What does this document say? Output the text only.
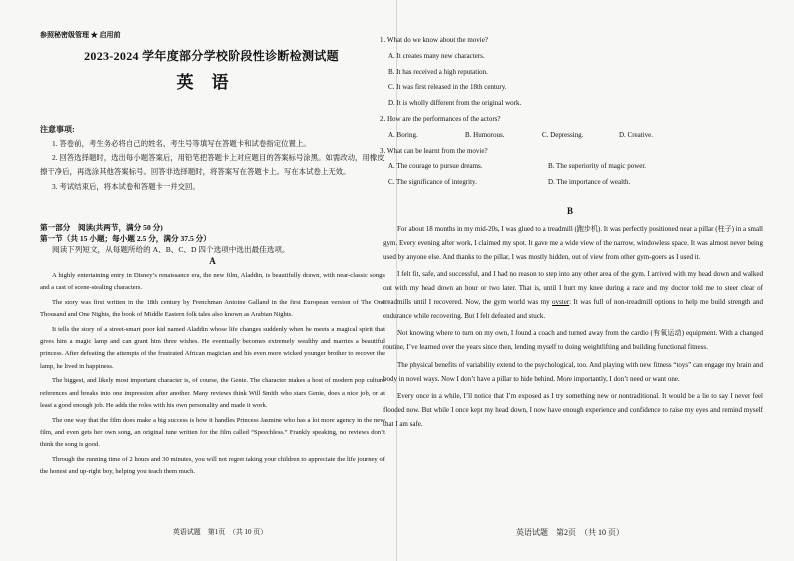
参照秘密级管理 ★ 启用前
2023-2024 学年度部分学校阶段性诊断检测试题
英语
注意事项:

1. 答卷前，考生务必将自己的姓名、考生号等填写在答题卡和试卷指定位置上。

2. 回答选择题时，选出每小题答案后，用铅笔把答题卡上对应题目的答案标号涂黑。如需改动，用橡皮擦干净后，再选涂其他答案标号。回答非选择题时，将答案写在答题卡上。写在本试卷上无效。

3. 考试结束后，将本试卷和答题卡一并交回。

第一部分　阅读(共两节，满分 50 分)
第一节（共 15 小题；每小题 2.5 分，满分 37.5 分）
阅读下列短文，从每题所给的 A、B、C、D 四个选项中选出最佳选项。
A

A highly entertaining entry in Disney’s renaissance era, the new film, Aladdin, is beautifully drawn, with near-classic songs and a cast of scene-stealing characters.

The story was first written in the 18th century by Frenchman Antoine Galland in the first European version of The One Thousand and One Nights, the book of Middle Eastern folk tales also known as Arabian Nights.

It tells the story of a street-smart poor kid named Aladdin whose life changes suddenly when he meets a magical spirit that gives him a magic lamp and can grant him three wishes. He eventually becomes extremely wealthy and marries a beautiful princess. After defeating the attempts of the frustrated African magician and his even more wicked younger brother to recover the lamp, he lived in happiness.

The biggest, and likely most important character is, of course, the Genie. The character makes a host of modern pop culture references and breaks into one impression after another. Many reviews think Will Smith who stars Genie, does a nice job, or at least a good enough job. He adds the roles with his own personality and made it work.

The one way that the film does make a big success is how it handles Princess Jasmine who has a lot more agency in the new film, and even gets her own song, an original tune written for the film called “Speechless.” Frankly speaking, no reviews don’t think the song is good.

Through the running time of 2 hours and 30 minutes, you will not regret taking your children to appreciate the life journey of the honest and up-right boy, helping you teach them much.

英语试题　第1页　（共 10 页）	英语试题　第2页　（共 10 页）
1. What do we know about the movie?
A. It creates many new characters.
B. It has received a high reputation.
C. It was first released in the 18th century.
D. It is wholly different from the original work.
2. How are the performances of the actors?
A. Boring.	B. Humorous.	C. Depressing.	D. Creative.
3. What can be learnt from the movie?
A. The courage to pursue dreams.	B. The superiority of magic power.
C. The significance of integrity.	D. The importance of wealth.
B

For about 18 months in my mid-20s, I was glued to a treadmill (跑步机). It was perfectly positioned near a pillar (柱子) in a small gym. Every evening after work, I claimed my spot. It gave me a wide view of the narrow, windowless space. It was almost never being used by anyone else. And thanks to the pillar, I was mostly hidden, out of view from other gym-goers as I used it.

I felt fit, safe, and successful, and I had no reason to step into any other area of the gym. I arrived with my head down and walked out with my head down an hour or two later. That is, until I hurt my knee during a race and my doctor told me to steer clear of treadmills until I recovered. Now, the gym world was my oyster: It was full of non-treadmill options to help me build strength and endurance while recovering. But I felt defeated and stuck.

Not knowing where to turn on my own, I found a coach and turned away from the cardio (有氧运动) equipment. With a changed routine, I’ve learned over the years since then, lending myself to doing weightlifting and building functional fitness.

The physical benefits of variability extend to the psychological, too. And playing with new fitness “toys” can engage my brain and body in novel ways. Now I don’t have a pillar to hide behind. More importantly, I don’t need or want one.

Every once in a while, I’ll notice that I’m exposed as I try something new or nontraditional. It would be a lie to say I never feel flooded now. But while I once kept my head down, I now have enough experience and confidence to raise my eyes and remind myself that I am safe.
